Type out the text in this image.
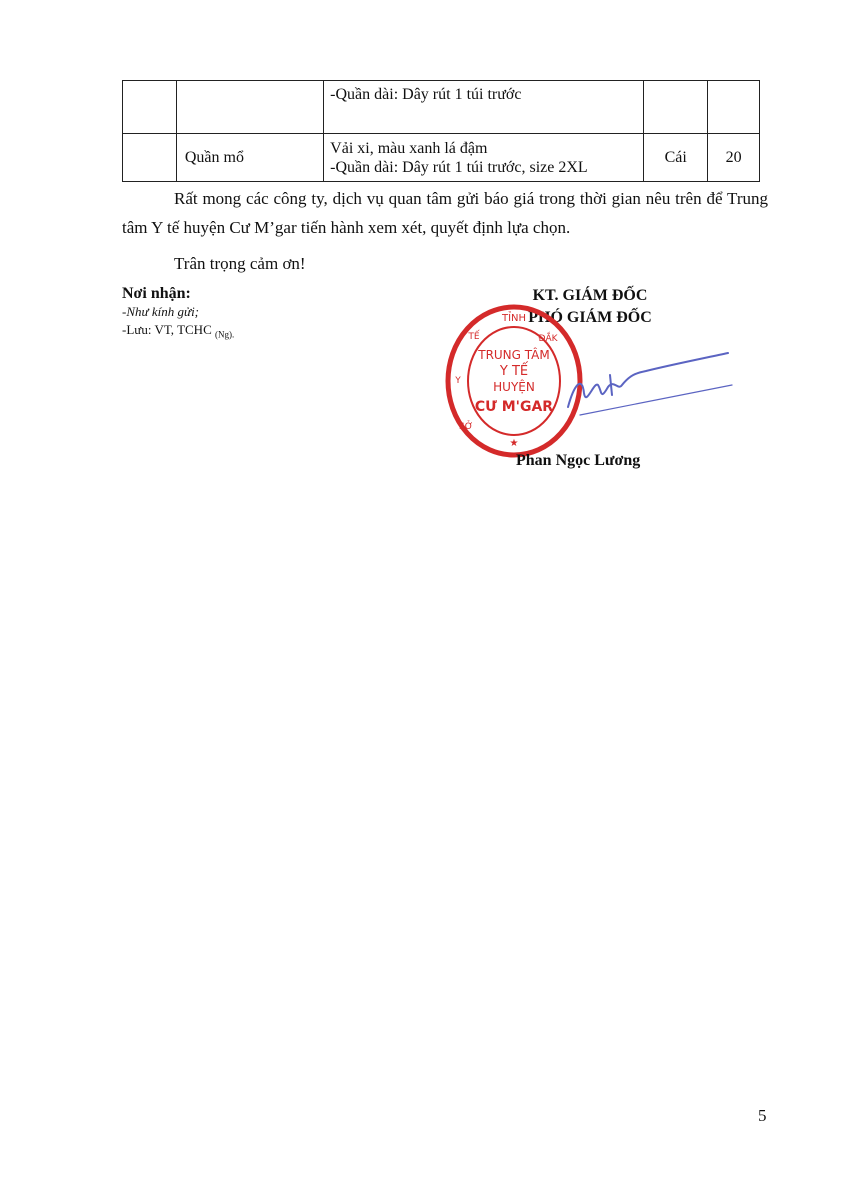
		-Quần dài: Dây rút 1 túi trước		

	Quần mổ	Vải xi, màu xanh lá đậm
-Quần dài: Dây rút 1 túi trước, size 2XL	Cái	20
Rất mong các công ty, dịch vụ quan tâm gửi báo giá trong thời gian nêu trên để Trung tâm Y tế huyện Cư M’gar tiến hành xem xét, quyết định lựa chọn.
Trân trọng cảm ơn!
Nơi nhận:
-Như kính gửi;
-Lưu: VT, TCHC $_{(Ng).}$
KT. GIÁM ĐỐC
PHÓ GIÁM ĐỐC
TRUNG TÂM
Y TẾ
HUYỆN
CƯ M'GAR
TỈNH
ĐẮK
TẾ
Y
SỞ
★
Phan Ngọc Lương
5
